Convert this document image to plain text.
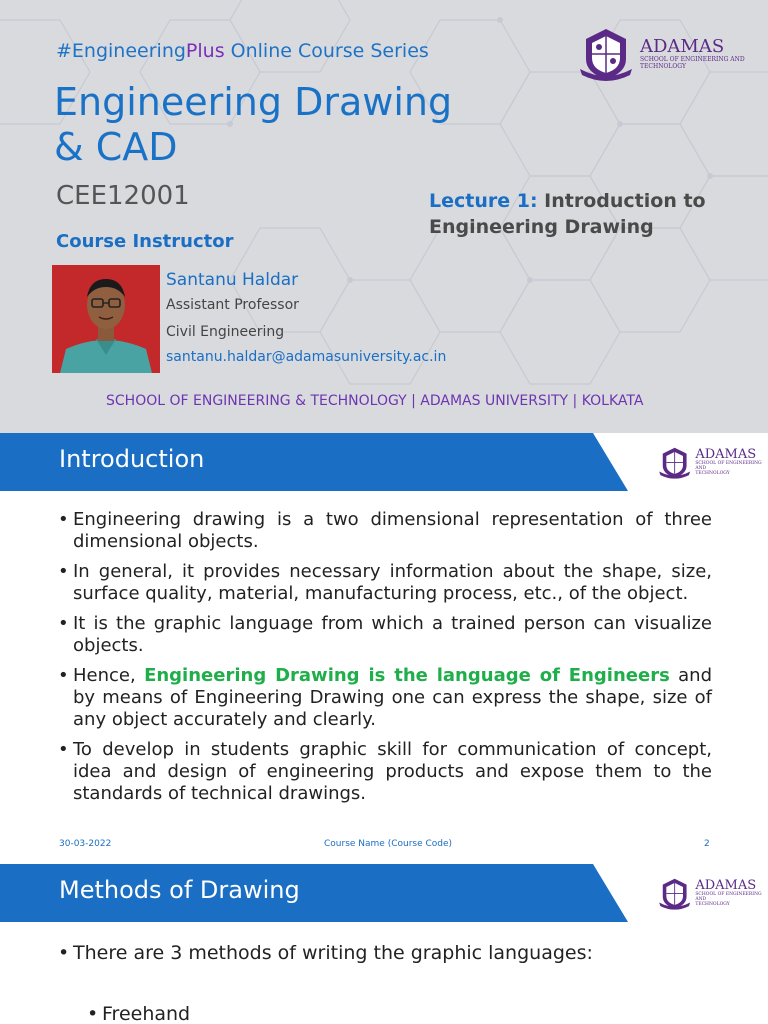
#EngineeringPlus Online Course Series
Engineering Drawing
& CAD
CEE12001
Course Instructor
Lecture 1: Introduction to Engineering Drawing
Santanu Haldar
Assistant Professor
Civil Engineering
santanu.haldar@adamasuniversity.ac.in
SCHOOL OF ENGINEERING & TECHNOLOGY | ADAMAS UNIVERSITY | KOLKATA
ADAMAS
SCHOOL OF ENGINEERING AND
TECHNOLOGY
Introduction	ADAMAS
SCHOOL OF ENGINEERING AND
TECHNOLOGY
• Engineering drawing is a two dimensional representation of three dimensional objects.
• In general, it provides necessary information about the shape, size, surface quality, material, manufacturing process, etc., of the object.
• It is the graphic language from which a trained person can visualize objects.
• Hence, Engineering Drawing is the language of Engineers and by means of Engineering Drawing one can express the shape, size of any object accurately and clearly.
• To develop in students graphic skill for communication of concept, idea and design of engineering products and expose them to the standards of technical drawings.
30-03-2022	Course Name (Course Code)	2
Methods of Drawing	ADAMAS
SCHOOL OF ENGINEERING AND
TECHNOLOGY
• There are 3 methods of writing the graphic languages:
• Freehand
